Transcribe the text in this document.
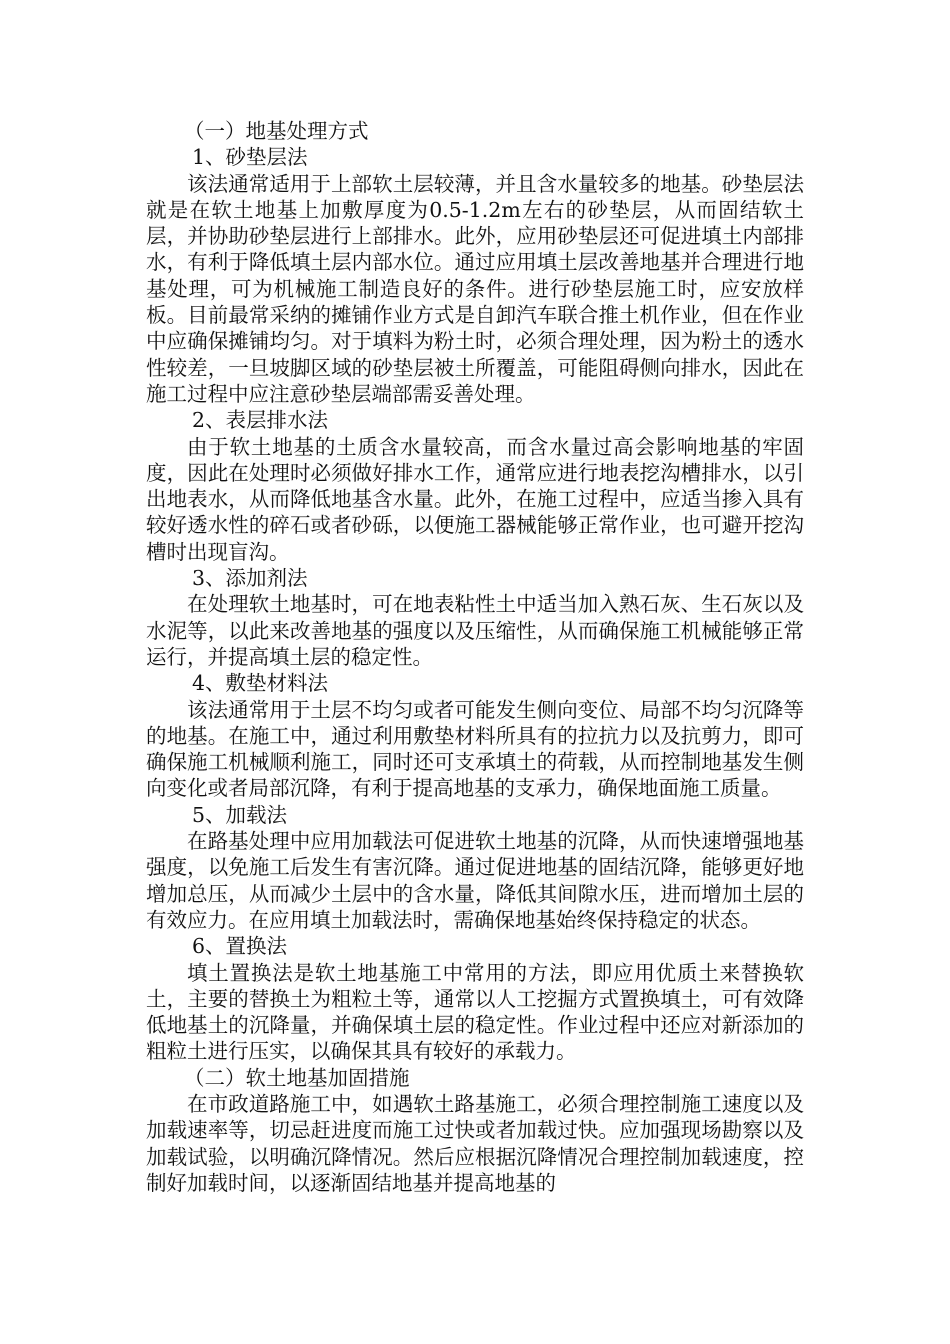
（一）地基处理方式

1、砂垫层法

该法通常适用于上部软土层较薄，并且含水量较多的地基。砂垫层法就是在软土地基上加敷厚度为0.5-1.2m左右的砂垫层，从而固结软土层，并协助砂垫层进行上部排水。此外，应用砂垫层还可促进填土内部排水，有利于降低填土层内部水位。通过应用填土层改善地基并合理进行地基处理，可为机械施工制造良好的条件。进行砂垫层施工时，应安放样板。目前最常采纳的摊铺作业方式是自卸汽车联合推土机作业，但在作业中应确保摊铺均匀。对于填料为粉土时，必须合理处理，因为粉土的透水性较差，一旦坡脚区域的砂垫层被土所覆盖，可能阻碍侧向排水，因此在施工过程中应注意砂垫层端部需妥善处理。

2、表层排水法

由于软土地基的土质含水量较高，而含水量过高会影响地基的牢固度，因此在处理时必须做好排水工作，通常应进行地表挖沟槽排水，以引出地表水，从而降低地基含水量。此外，在施工过程中，应适当掺入具有较好透水性的碎石或者砂砾，以便施工器械能够正常作业，也可避开挖沟槽时出现盲沟。

3、添加剂法

在处理软土地基时，可在地表粘性土中适当加入熟石灰、生石灰以及水泥等，以此来改善地基的强度以及压缩性，从而确保施工机械能够正常运行，并提高填土层的稳定性。

4、敷垫材料法

该法通常用于土层不均匀或者可能发生侧向变位、局部不均匀沉降等的地基。在施工中，通过利用敷垫材料所具有的拉抗力以及抗剪力，即可确保施工机械顺利施工，同时还可支承填土的荷载，从而控制地基发生侧向变化或者局部沉降，有利于提高地基的支承力，确保地面施工质量。

5、加载法

在路基处理中应用加载法可促进软土地基的沉降，从而快速增强地基强度，以免施工后发生有害沉降。通过促进地基的固结沉降，能够更好地增加总压，从而减少土层中的含水量，降低其间隙水压，进而增加土层的有效应力。在应用填土加载法时，需确保地基始终保持稳定的状态。

6、置换法

填土置换法是软土地基施工中常用的方法，即应用优质土来替换软土，主要的替换土为粗粒土等，通常以人工挖掘方式置换填土，可有效降低地基土的沉降量，并确保填土层的稳定性。作业过程中还应对新添加的粗粒土进行压实，以确保其具有较好的承载力。

（二）软土地基加固措施

在市政道路施工中，如遇软土路基施工，必须合理控制施工速度以及加载速率等，切忌赶进度而施工过快或者加载过快。应加强现场勘察以及加载试验，以明确沉降情况。然后应根据沉降情况合理控制加载速度，控制好加载时间，以逐渐固结地基并提高地基的
